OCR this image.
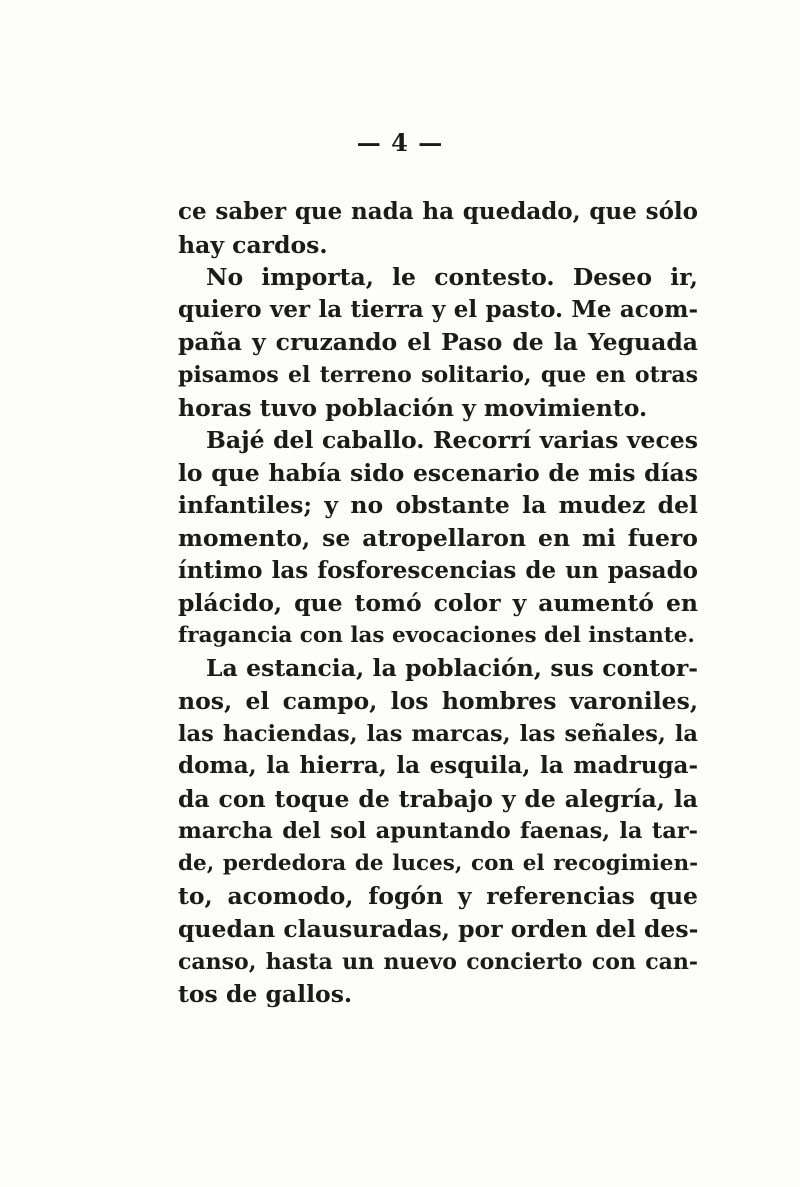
— 4 —
ce saber que nada ha quedado, que sólo
hay cardos.
No importa, le contesto. Deseo ir,
quiero ver la tierra y el pasto. Me acom-
paña y cruzando el Paso de la Yeguada
pisamos el terreno solitario, que en otras
horas tuvo población y movimiento.
Bajé del caballo. Recorrí varias veces
lo que había sido escenario de mis días
infantiles; y no obstante la mudez del
momento, se atropellaron en mi fuero
íntimo las fosforescencias de un pasado
plácido, que tomó color y aumentó en
fragancia con las evocaciones del instante.
La estancia, la población, sus contor-
nos, el campo, los hombres varoniles,
las haciendas, las marcas, las señales, la
doma, la hierra, la esquila, la madruga-
da con toque de trabajo y de alegría, la
marcha del sol apuntando faenas, la tar-
de, perdedora de luces, con el recogimien-
to, acomodo, fogón y referencias que
quedan clausuradas, por orden del des-
canso, hasta un nuevo concierto con can-
tos de gallos.
